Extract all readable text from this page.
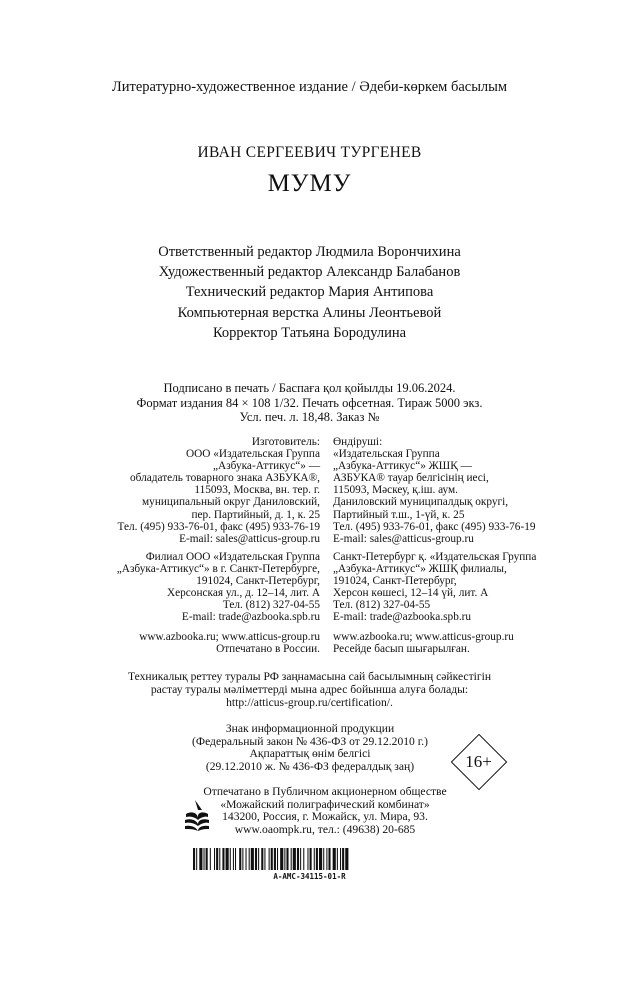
Литературно-художественное издание / Әдеби-көркем басылым
ИВАН СЕРГЕЕВИЧ ТУРГЕНЕВ
МУМУ
Ответственный редактор Людмила Ворончихина
Художественный редактор Александр Балабанов
Технический редактор Мария Антипова
Компьютерная верстка Алины Леонтьевой
Корректор Татьяна Бородулина
Подписано в печать / Баспаға қол қойылды 19.06.2024.
Формат издания 84 × 108 1/32. Печать офсетная. Тираж 5000 экз.
Усл. печ. л. 18,48. Заказ №
Изготовитель:
ООО «Издательская Группа
„Азбука-Аттикус“» —
обладатель товарного знака АЗБУКА®,
115093, Москва, вн. тер. г.
муниципальный округ Даниловский,
пер. Партийный, д. 1, к. 25
Тел. (495) 933-76-01, факс (495) 933-76-19
E-mail: sales@atticus-group.ru
Өндіруші:
«Издательская Группа
„Азбука-Аттикус“» ЖШҚ —
АЗБУКА® тауар белгісінің иесі,
115093, Мәскеу, қ.іш. аум.
Даниловский муниципалдық округі,
Партийный т.ш., 1-үй, к. 25
Тел. (495) 933-76-01, факс (495) 933-76-19
E-mail: sales@atticus-group.ru
Филиал ООО «Издательская Группа
„Азбука-Аттикус“» в г. Санкт-Петербурге,
191024, Санкт-Петербург,
Херсонская ул., д. 12–14, лит. А
Тел. (812) 327-04-55
E-mail: trade@azbooka.spb.ru
Санкт-Петербург қ. «Издательская Группа
„Азбука-Аттикус“» ЖШҚ филиалы,
191024, Санкт-Петербург,
Херсон көшесі, 12–14 үй, лит. А
Тел. (812) 327-04-55
E-mail: trade@azbooka.spb.ru
www.azbooka.ru; www.atticus-group.ru
Отпечатано в России.
www.azbooka.ru; www.atticus-group.ru
Ресейде басып шығарылған.
Техникалық реттеу туралы РФ заңнамасына сай басылымның сәйкестігін
растау туралы мәліметтерді мына адрес бойынша алуға болады:
http://atticus-group.ru/certification/.
Знак информационной продукции
(Федеральный закон № 436-ФЗ от 29.12.2010 г.)
Ақпараттық өнім белгісі
(29.12.2010 ж. № 436-ФЗ федералдық заң)	16+
Отпечатано в Публичном акционерном обществе
«Можайский полиграфический комбинат»
143200, Россия, г. Можайск, ул. Мира, 93.
www.oaompk.ru, тел.: (49638) 20-685
A-AMC-34115-01-R
